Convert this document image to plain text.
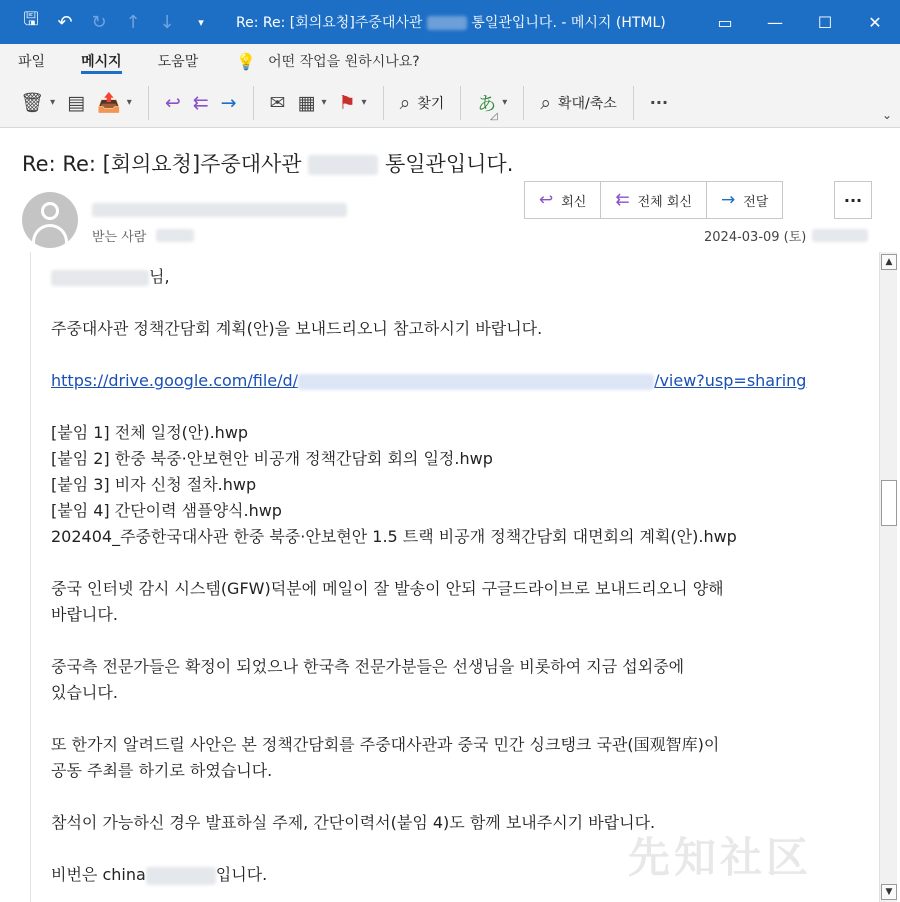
🖫	↶	↻	↑	↓	▾	Re: Re: [회의요청]주중대사관	통일관입니다. - 메시지 (HTML)	▭	—	☐	✕
파일	메시지	도움말	💡 어떤 작업을 원하시나요?
🗑 ▾ ▤ 📤 ▾ ↩ ⇇ → ✉ ▦ ▾ ⚑ ▾
◿
⌕ 찾기 あ ▾ ⌕ 확대/축소 ···
⌄
Re: Re: [회의요청]주중대사관	통일관입니다.
받는 사람	2024-03-09 (토)
↩ 회신 ⇇ 전체 회신 → 전달	···

님,

주중대사관 정책간담회 계획(안)을 보내드리오니 참고하시기 바랍니다.

https://drive.google.com/file/d/	/view?usp=sharing

[붙임 1] 전체 일정(안).hwp

[붙임 2] 한중 북중·안보현안 비공개 정책간담회 회의 일정.hwp

[붙임 3] 비자 신청 절차.hwp

[붙임 4] 간단이력 샘플양식.hwp

202404_주중한국대사관 한중 북중·안보현안 1.5 트랙 비공개 정책간담회 대면회의 계획(안).hwp

중국 인터넷 감시 시스템(GFW)덕분에 메일이 잘 발송이 안되 구글드라이브로 보내드리오니 양해

바랍니다.

중국측 전문가들은 확정이 되었으나 한국측 전문가분들은 선생님을 비롯하여 지금 섭외중에

있습니다.

또 한가지 알려드릴 사안은 본 정책간담회를 주중대사관과 중국 민간 싱크탱크 국관(国观智库)이

공동 주최를 하기로 하였습니다.

참석이 가능하신 경우 발표하실 주제, 간단이력서(붙임 4)도 함께 보내주시기 바랍니다.

비번은 china	입니다.

▲
▼
先知社区
